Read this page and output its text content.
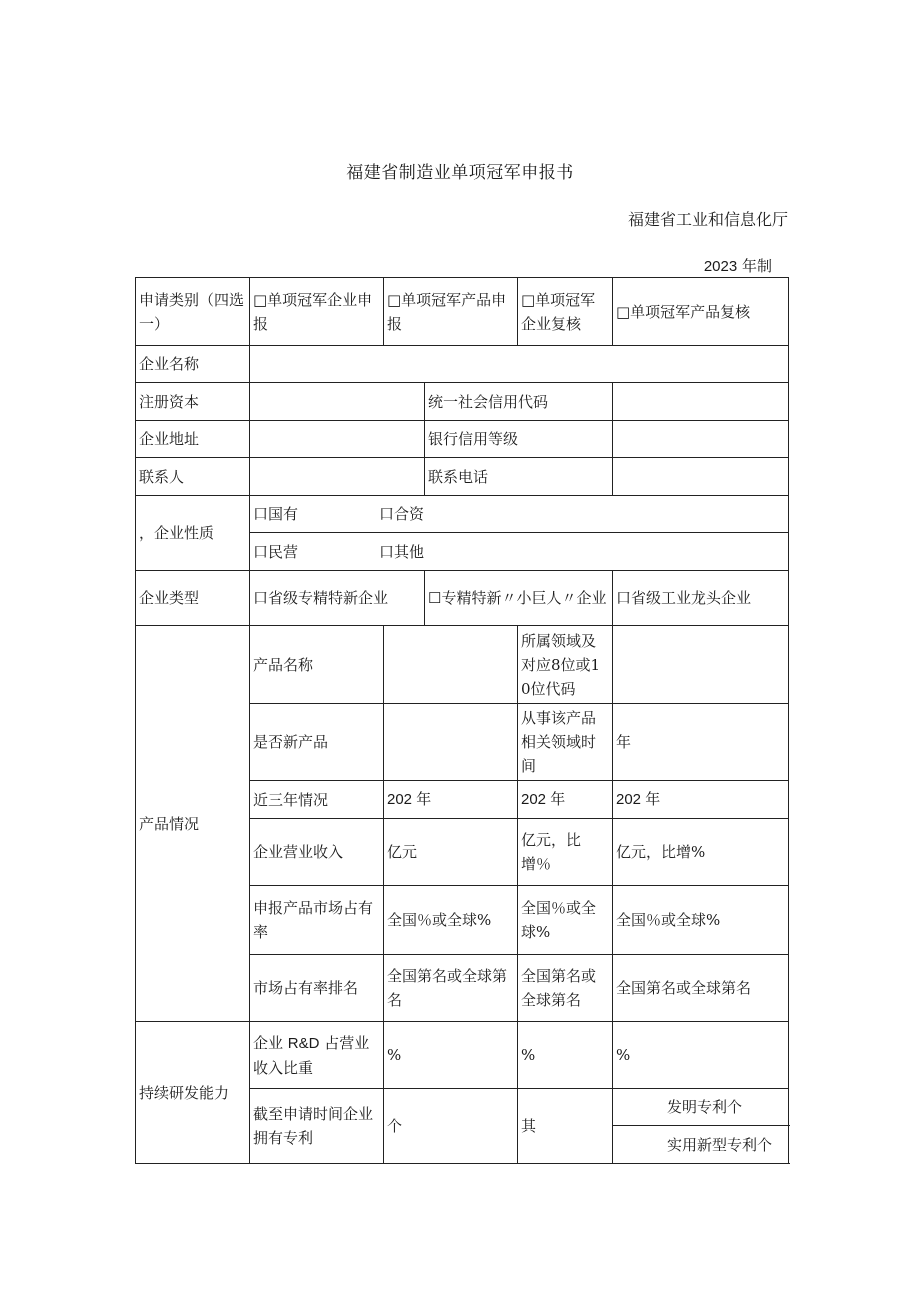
福建省制造业单项冠军申报书
福建省工业和信息化厅
2023 年制
申请类别（四选一）	□单项冠军企业申报	□单项冠军产品申报		□单项冠军企业复核	□单项冠军产品复核
企业名称					
注册资本			统一社会信用代码		
企业地址			银行信用等级		
联系人			联系电话		
，企业性质	口国有 口合资				
	口民营 口其他				
企业类型	口省级专精特新企业		☐专精特新〃小巨人〃企业		口省级工业龙头企业
产品情况	产品名称			所属领域及对应8位或10位代码	
	是否新产品			从事该产品相关领域时间	年
	近三年情况	202 年		202 年	202 年
	企业营业收入	亿元		亿元，比增％	亿元，比增%
	申报产品市场占有率	全国％或全球%		全国％或全球%	全国％或全球%
	市场占有率排名	全国第名或全球第名		全国第名或全球第名	全国第名或全球第名
持续研发能力	企业 R&D 占营业收入比重	%		%	%
	截至申请时间企业拥有专利	个		其	发明专利个
					实用新型专利个
